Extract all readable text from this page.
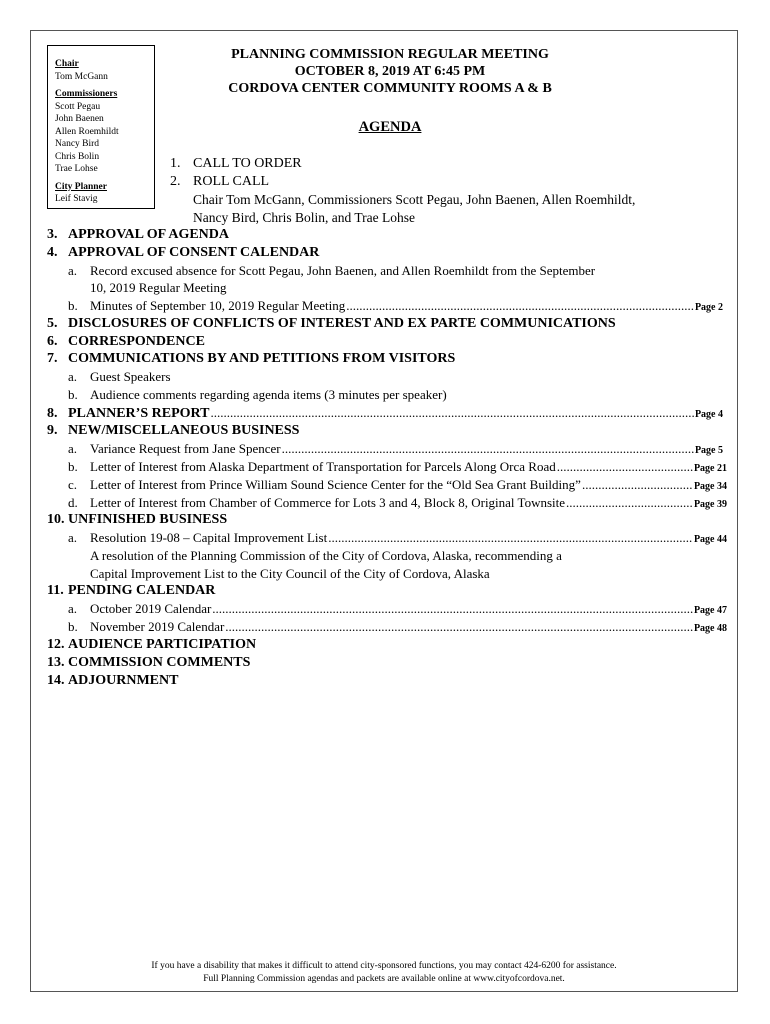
Chair
Tom McGann
Commissioners
Scott Pegau
John Baenen
Allen Roemhildt
Nancy Bird
Chris Bolin
Trae Lohse
City Planner
Leif Stavig
PLANNING COMMISSION REGULAR MEETING
OCTOBER 8, 2019 AT 6:45 PM
CORDOVA CENTER COMMUNITY ROOMS A & B
AGENDA
1. CALL TO ORDER
2. ROLL CALL
Chair Tom McGann, Commissioners Scott Pegau, John Baenen, Allen Roemhildt,
Nancy Bird, Chris Bolin, and Trae Lohse
3. APPROVAL OF AGENDA
4. APPROVAL OF CONSENT CALENDAR
a. Record excused absence for Scott Pegau, John Baenen, and Allen Roemhildt from the September
10, 2019 Regular Meeting
b. Minutes of September 10, 2019 Regular Meeting .....	Page 2
5. DISCLOSURES OF CONFLICTS OF INTEREST AND EX PARTE COMMUNICATIONS
6. CORRESPONDENCE
7. COMMUNICATIONS BY AND PETITIONS FROM VISITORS
a. Guest Speakers
b. Audience comments regarding agenda items (3 minutes per speaker)
8. PLANNER’S REPORT .....	Page 4
9. NEW/MISCELLANEOUS BUSINESS
a. Variance Request from Jane Spencer .....	Page 5
b. Letter of Interest from Alaska Department of Transportation for Parcels Along Orca Road .....	Page 21
c. Letter of Interest from Prince William Sound Science Center for the “Old Sea Grant Building” .....	Page 34
d. Letter of Interest from Chamber of Commerce for Lots 3 and 4, Block 8, Original Townsite .....	Page 39
10. UNFINISHED BUSINESS
a. Resolution 19-08 – Capital Improvement List .....	Page 44
A resolution of the Planning Commission of the City of Cordova, Alaska, recommending a
Capital Improvement List to the City Council of the City of Cordova, Alaska
11. PENDING CALENDAR
a. October 2019 Calendar .....	Page 47
b. November 2019 Calendar .....	Page 48
12. AUDIENCE PARTICIPATION
13. COMMISSION COMMENTS
14. ADJOURNMENT
If you have a disability that makes it difficult to attend city-sponsored functions, you may contact 424-6200 for assistance.
Full Planning Commission agendas and packets are available online at www.cityofcordova.net.
